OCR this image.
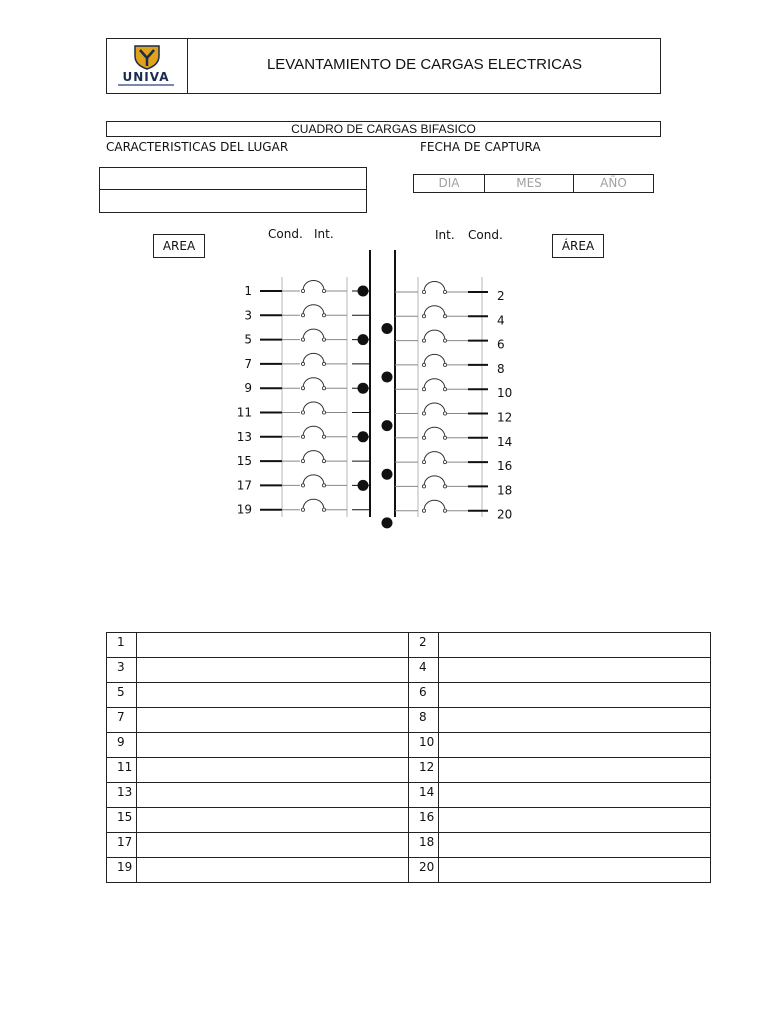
UNIVA
LEVANTAMIENTO DE CARGAS ELECTRICAS
CUADRO DE CARGAS BIFASICO
CARACTERISTICAS DEL LUGAR	FECHA DE CAPTURA
DIA	MES	AÑO
AREA	ÁREA
Cond. Int.	Int. Cond.
1	2
3	4
5	6
7	8
9	10
11	12
13	14
15	16
17	18
19	20
1		2	
3		4	
5		6	
7		8	
9		10	
11		12	
13		14	
15		16	
17		18	
19		20	
